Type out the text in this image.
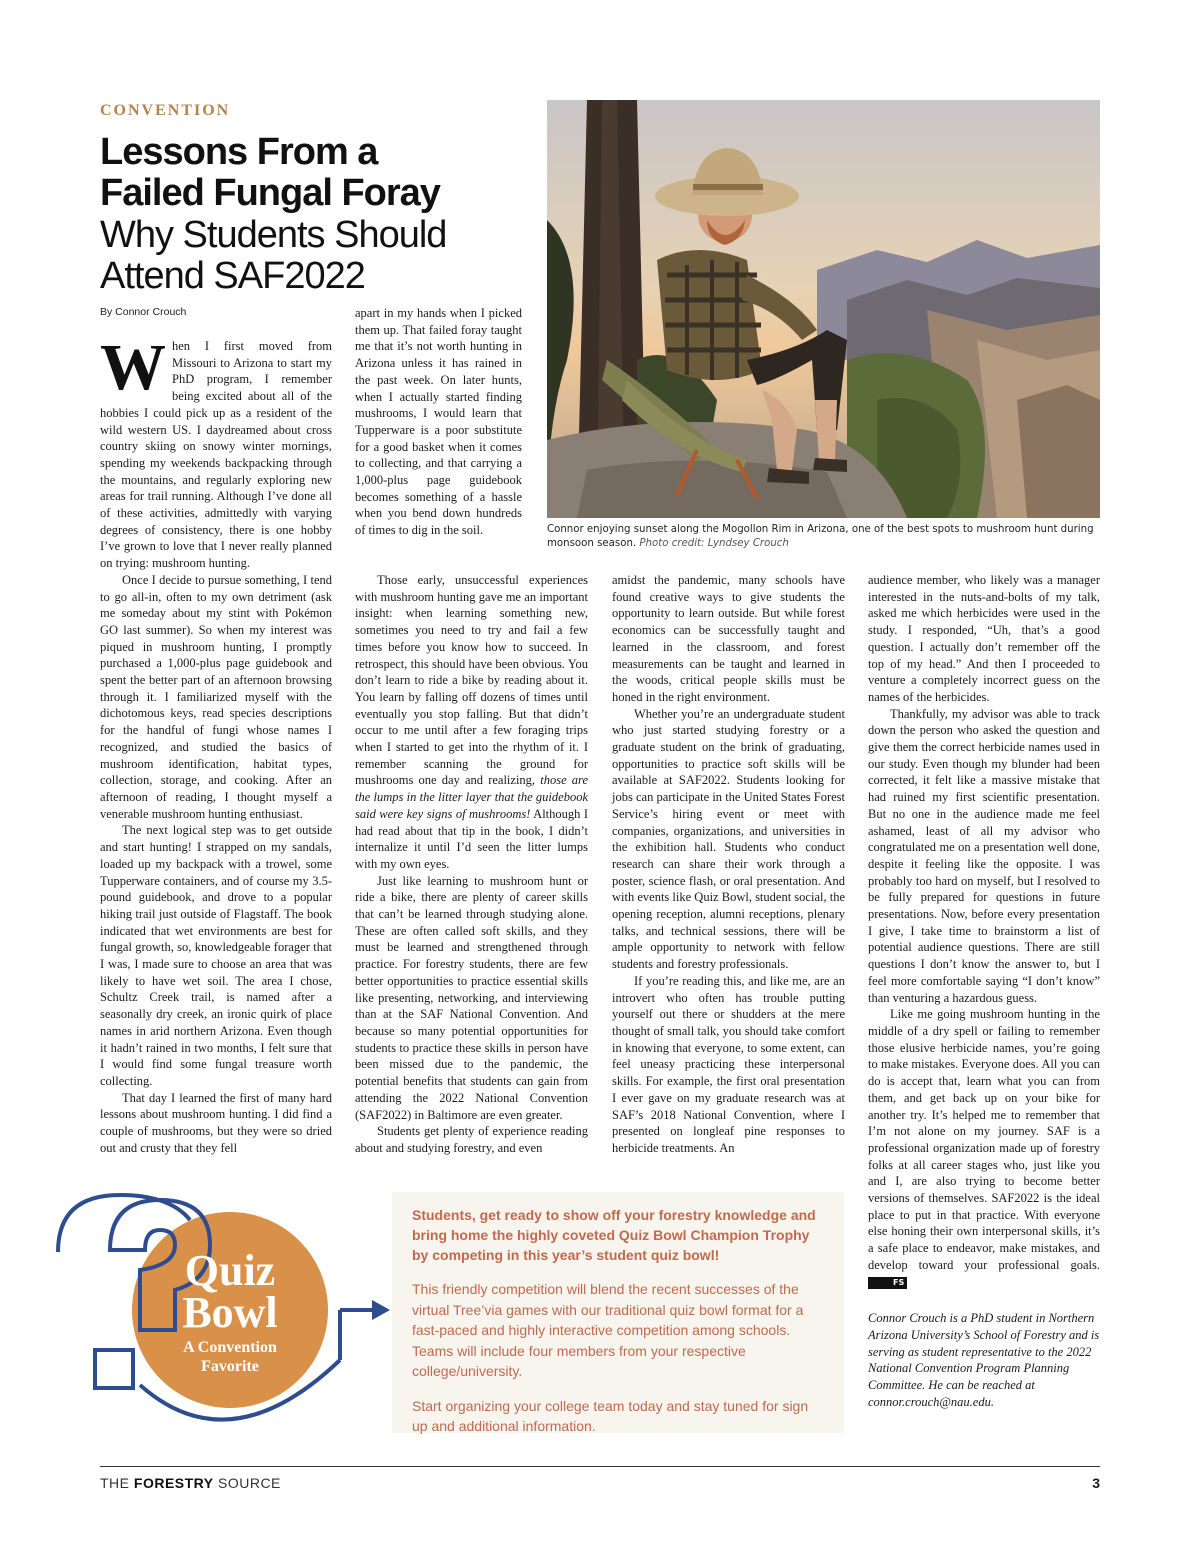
CONVENTION
Lessons From a
Failed Fungal Foray
Why Students Should
Attend SAF2022
By Connor Crouch
Connor enjoying sunset along the Mogollon Rim in Arizona, one of the best spots to mushroom hunt during monsoon season. Photo credit: Lyndsey Crouch

When I first moved from Missouri to Arizona to start my PhD program, I remember being excited about all of the hobbies I could pick up as a resident of the wild western US. I daydreamed about cross country skiing on snowy winter mornings, spending my weekends backpacking through the mountains, and regularly exploring new areas for trail running. Although I’ve done all of these activities, admittedly with varying degrees of consistency, there is one hobby I’ve grown to love that I never really planned on trying: mushroom hunting.

Once I decide to pursue something, I tend to go all-in, often to my own detriment (ask me someday about my stint with Pokémon GO last summer). So when my interest was piqued in mushroom hunting, I promptly purchased a 1,000-plus page guidebook and spent the better part of an afternoon browsing through it. I familiarized myself with the dichotomous keys, read species descriptions for the handful of fungi whose names I recognized, and studied the basics of mushroom identification, habitat types, collection, storage, and cooking. After an afternoon of reading, I thought myself a venerable mushroom hunting enthusiast.

The next logical step was to get outside and start hunting! I strapped on my sandals, loaded up my backpack with a trowel, some Tupperware containers, and of course my 3.5-pound guidebook, and drove to a popular hiking trail just outside of Flagstaff. The book indicated that wet environments are best for fungal growth, so, knowledgeable forager that I was, I made sure to choose an area that was likely to have wet soil. The area I chose, Schultz Creek trail, is named after a seasonally dry creek, an ironic quirk of place names in arid northern Arizona. Even though it hadn’t rained in two months, I felt sure that I would find some fungal treasure worth collecting.

That day I learned the first of many hard lessons about mushroom hunting. I did find a couple of mushrooms, but they were so dried out and crusty that they fell

apart in my hands when I picked them up. That failed foray taught me that it’s not worth hunting in Arizona unless it has rained in the past week. On later hunts, when I actually started finding mushrooms, I would learn that Tupperware is a poor substitute for a good basket when it comes to collecting, and that carrying a 1,000-plus page guidebook becomes something of a hassle when you bend down hundreds of times to dig in the soil.

Those early, unsuccessful experiences with mushroom hunting gave me an important insight: when learning something new, sometimes you need to try and fail a few times before you know how to succeed. In retrospect, this should have been obvious. You don’t learn to ride a bike by reading about it. You learn by falling off dozens of times until eventually you stop falling. But that didn’t occur to me until after a few foraging trips when I started to get into the rhythm of it. I remember scanning the ground for mushrooms one day and realizing, those are the lumps in the litter layer that the guidebook said were key signs of mushrooms! Although I had read about that tip in the book, I didn’t internalize it until I’d seen the litter lumps with my own eyes.

Just like learning to mushroom hunt or ride a bike, there are plenty of career skills that can’t be learned through studying alone. These are often called soft skills, and they must be learned and strengthened through practice. For forestry students, there are few better opportunities to practice essential skills like presenting, networking, and interviewing than at the SAF National Convention. And because so many potential opportunities for students to practice these skills in person have been missed due to the pandemic, the potential benefits that students can gain from attending the 2022 National Convention (SAF2022) in Baltimore are even greater.

Students get plenty of experience reading about and studying forestry, and even

amidst the pandemic, many schools have found creative ways to give students the opportunity to learn outside. But while forest economics can be successfully taught and learned in the classroom, and forest measurements can be taught and learned in the woods, critical people skills must be honed in the right environment.

Whether you’re an undergraduate student who just started studying forestry or a graduate student on the brink of graduating, opportunities to practice soft skills will be available at SAF2022. Students looking for jobs can participate in the United States Forest Service’s hiring event or meet with companies, organizations, and universities in the exhibition hall. Students who conduct research can share their work through a poster, science flash, or oral presentation. And with events like Quiz Bowl, student social, the opening reception, alumni receptions, plenary talks, and technical sessions, there will be ample opportunity to network with fellow students and forestry professionals.

If you’re reading this, and like me, are an introvert who often has trouble putting yourself out there or shudders at the mere thought of small talk, you should take comfort in knowing that everyone, to some extent, can feel uneasy practicing these interpersonal skills. For example, the first oral presentation I ever gave on my graduate research was at SAF’s 2018 National Convention, where I presented on longleaf pine responses to herbicide treatments. An

audience member, who likely was a manager interested in the nuts-and-bolts of my talk, asked me which herbicides were used in the study. I responded, “Uh, that’s a good question. I actually don’t remember off the top of my head.” And then I proceeded to venture a completely incorrect guess on the names of the herbicides.

Thankfully, my advisor was able to track down the person who asked the question and give them the correct herbicide names used in our study. Even though my blunder had been corrected, it felt like a massive mistake that had ruined my first scientific presentation. But no one in the audience made me feel ashamed, least of all my advisor who congratulated me on a presentation well done, despite it feeling like the opposite. I was probably too hard on myself, but I resolved to be fully prepared for questions in future presentations. Now, before every presentation I give, I take time to brainstorm a list of potential audience questions. There are still questions I don’t know the answer to, but I feel more comfortable saying “I don’t know” than venturing a hazardous guess.

Like me going mushroom hunting in the middle of a dry spell or failing to remember those elusive herbicide names, you’re going to make mistakes. Everyone does. All you can do is accept that, learn what you can from them, and get back up on your bike for another try. It’s helped me to remember that I’m not alone on my journey. SAF is a professional organization made up of forestry folks at all career stages who, just like you and I, are also trying to become better versions of themselves. SAF2022 is the ideal place to put in that practice. With everyone else honing their own interpersonal skills, it’s a safe place to endeavor, make mistakes, and develop toward your professional goals. FS

Connor Crouch is a PhD student in Northern Arizona University’s School of Forestry and is serving as student representative to the 2022 National Convention Program Planning Committee. He can be reached at connor.crouch@nau.edu.

Quiz
Bowl
A Convention
Favorite
Students, get ready to show off your forestry knowledge and bring home the highly coveted Quiz Bowl Champion Trophy by competing in this year’s student quiz bowl!
This friendly competition will blend the recent successes of the virtual Tree’via games with our traditional quiz bowl format for a fast-paced and highly interactive competition among schools. Teams will include four members from your respective college/university.
Start organizing your college team today and stay tuned for sign up and additional information.
THE FORESTRY SOURCE	3
